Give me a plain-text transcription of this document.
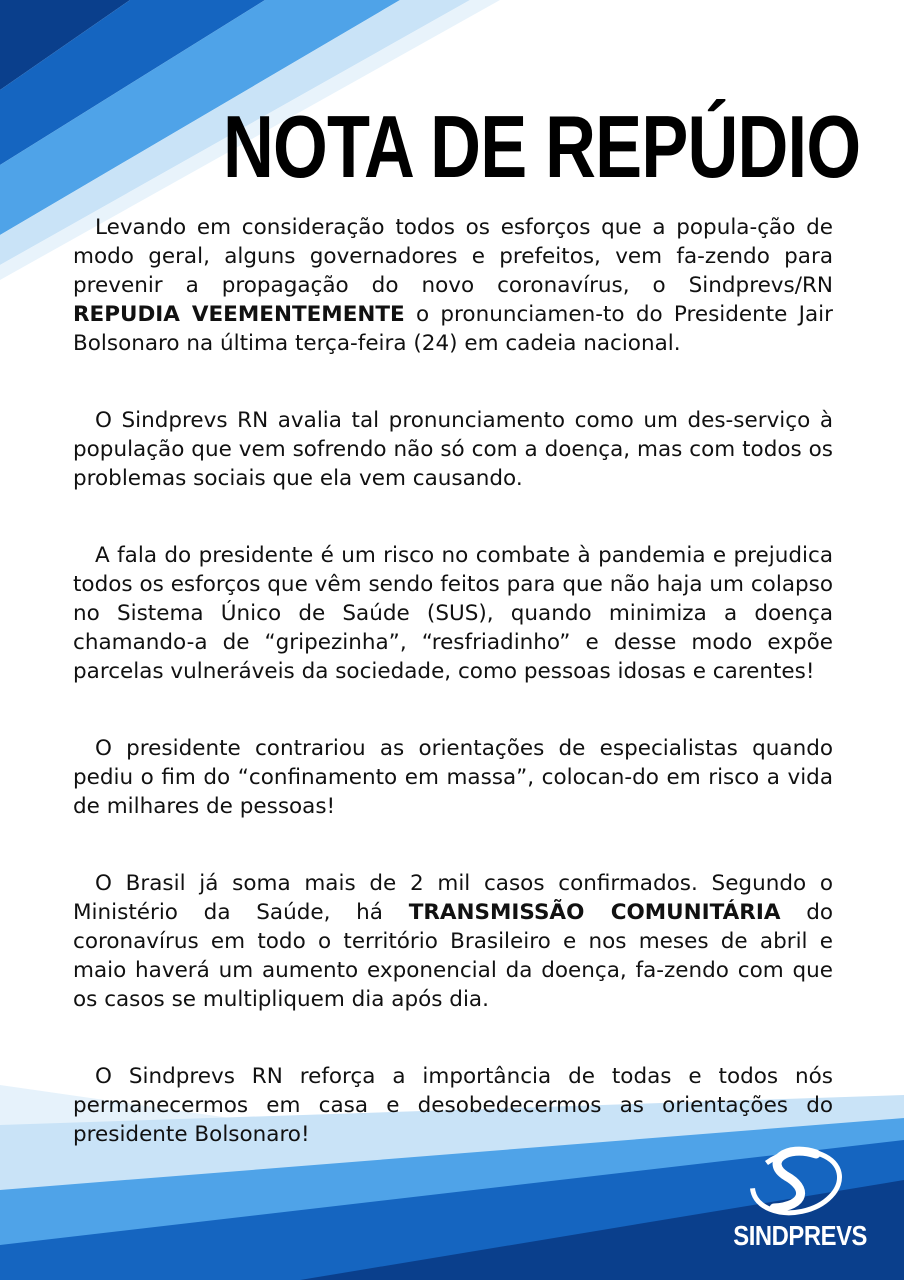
NOTA DE REPÚDIO

Levando em consideração todos os esforços que a popula-ção de modo geral, alguns governadores e prefeitos, vem fa-zendo para prevenir a propagação do novo coronavírus, o Sindprevs/RN REPUDIA VEEMENTEMENTE o pronunciamen-to do Presidente Jair Bolsonaro na última terça-feira (24) em cadeia nacional.

O Sindprevs RN avalia tal pronunciamento como um des-serviço à população que vem sofrendo não só com a doença, mas com todos os problemas sociais que ela vem causando.

A fala do presidente é um risco no combate à pandemia e prejudica todos os esforços que vêm sendo feitos para que não haja um colapso no Sistema Único de Saúde (SUS), quando minimiza a doença chamando-a de “gripezinha”, “resfriadinho” e desse modo expõe parcelas vulneráveis da sociedade, como pessoas idosas e carentes!

O presidente contrariou as orientações de especialistas quando pediu o fim do “confinamento em massa”, colocan-do em risco a vida de milhares de pessoas!

O Brasil já soma mais de 2 mil casos confirmados. Segundo o Ministério da Saúde, há TRANSMISSÃO COMUNITÁRIA do coronavírus em todo o território Brasileiro e nos meses de abril e maio haverá um aumento exponencial da doença, fa-zendo com que os casos se multipliquem dia após dia.

O Sindprevs RN reforça a importância de todas e todos nós permanecermos em casa e desobedecermos as orientações do presidente Bolsonaro!

SINDPREVS
